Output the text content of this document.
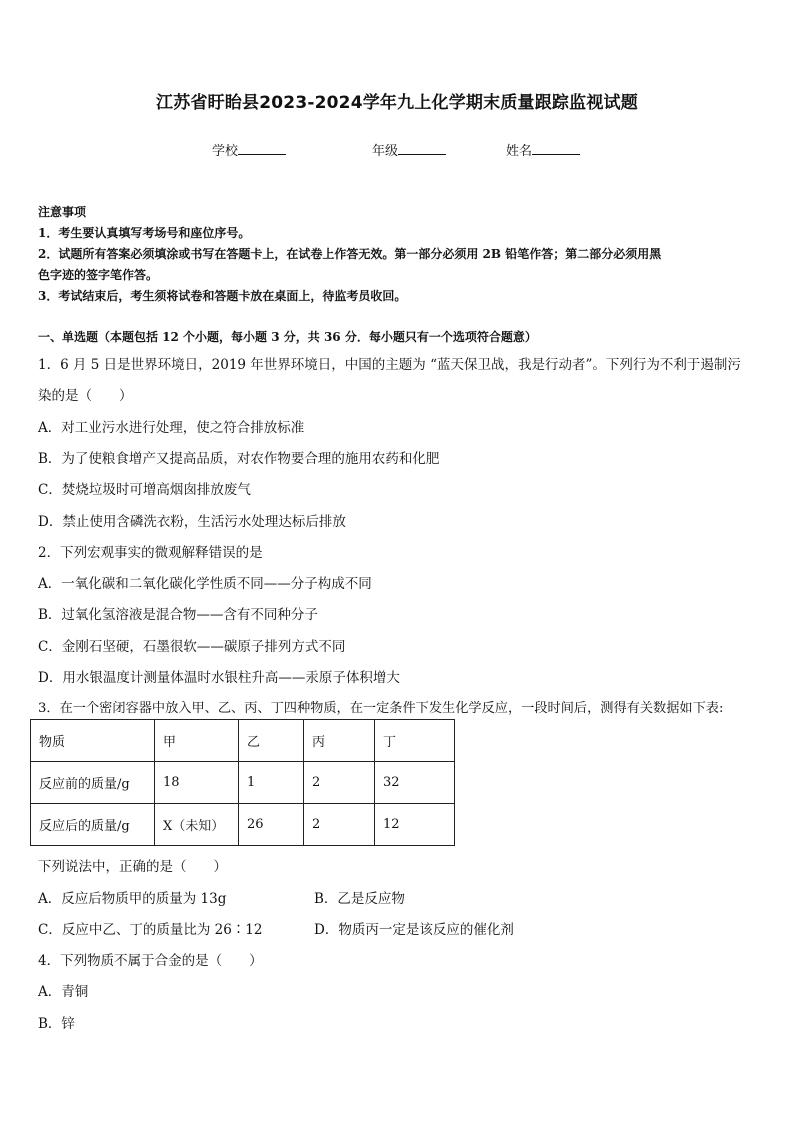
江苏省盱眙县2023-2024学年九上化学期末质量跟踪监视试题
学校	年级	姓名
注意事项
1．考生要认真填写考场号和座位序号。
2．试题所有答案必须填涂或书写在答题卡上，在试卷上作答无效。第一部分必须用 2B 铅笔作答；第二部分必须用黑
色字迹的签字笔作答。
3．考试结束后，考生须将试卷和答题卡放在桌面上，待监考员收回。
一、单选题（本题包括 12 个小题，每小题 3 分，共 36 分．每小题只有一个选项符合题意）
1．6 月 5 日是世界环境日，2019 年世界环境日，中国的主题为 “蓝天保卫战，我是行动者”。下列行为不利于遏制污
染的是（　　）
A．对工业污水进行处理，使之符合排放标准
B．为了使粮食增产又提高品质，对农作物要合理的施用农药和化肥
C．焚烧垃圾时可增高烟囱排放废气
D．禁止使用含磷洗衣粉，生活污水处理达标后排放
2．下列宏观事实的微观解释错误的是
A．一氧化碳和二氧化碳化学性质不同——分子构成不同
B．过氧化氢溶液是混合物——含有不同种分子
C．金刚石坚硬，石墨很软——碳原子排列方式不同
D．用水银温度计测量体温时水银柱升高——汞原子体积增大
3．在一个密闭容器中放入甲、乙、丙、丁四种物质，在一定条件下发生化学反应，一段时间后，测得有关数据如下表:
物质	甲	乙	丙	丁
反应前的质量/g	18	1	2	32
反应后的质量/g	X（未知）	26	2	12
下列说法中，正确的是（　　）
A．反应后物质甲的质量为 13g	B．乙是反应物
C．反应中乙、丁的质量比为 26∶12	D．物质丙一定是该反应的催化剂
4．下列物质不属于合金的是（　　）
A．青铜
B．锌
